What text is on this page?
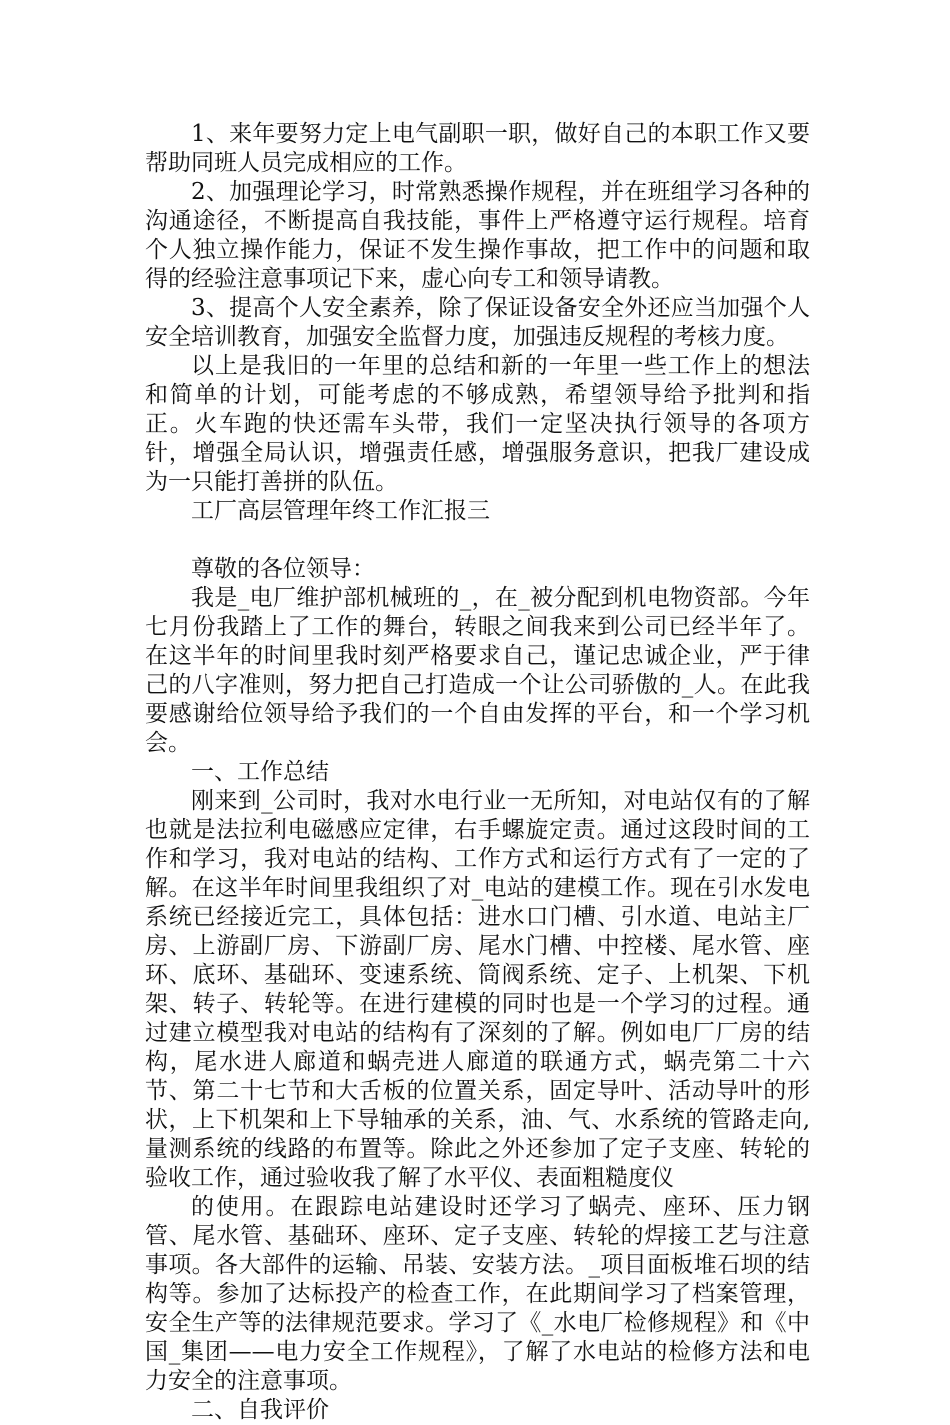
1、来年要努力定上电气副职一职，做好自己的本职工作又要帮助同班人员完成相应的工作。

2、加强理论学习，时常熟悉操作规程，并在班组学习各种的沟通途径，不断提高自我技能，事件上严格遵守运行规程。培育个人独立操作能力，保证不发生操作事故，把工作中的问题和取得的经验注意事项记下来，虚心向专工和领导请教。

3、提高个人安全素养，除了保证设备安全外还应当加强个人安全培训教育，加强安全监督力度，加强违反规程的考核力度。

以上是我旧的一年里的总结和新的一年里一些工作上的想法和简单的计划，可能考虑的不够成熟，希望领导给予批判和指正。火车跑的快还需车头带，我们一定坚决执行领导的各项方针，增强全局认识，增强责任感，增强服务意识，把我厂建设成为一只能打善拼的队伍。

工厂高层管理年终工作汇报三

尊敬的各位领导：

我是_电厂维护部机械班的_，在_被分配到机电物资部。今年七月份我踏上了工作的舞台，转眼之间我来到公司已经半年了。在这半年的时间里我时刻严格要求自己，谨记忠诚企业，严于律己的八字准则，努力把自己打造成一个让公司骄傲的_人。在此我要感谢给位领导给予我们的一个自由发挥的平台，和一个学习机会。

一、工作总结

刚来到_公司时，我对水电行业一无所知，对电站仅有的了解也就是法拉利电磁感应定律，右手螺旋定责。通过这段时间的工作和学习，我对电站的结构、工作方式和运行方式有了一定的了解。在这半年时间里我组织了对_电站的建模工作。现在引水发电系统已经接近完工，具体包括：进水口门槽、引水道、电站主厂房、上游副厂房、下游副厂房、尾水门槽、中控楼、尾水管、座环、底环、基础环、变速系统、筒阀系统、定子、上机架、下机架、转子、转轮等。在进行建模的同时也是一个学习的过程。通过建立模型我对电站的结构有了深刻的了解。例如电厂厂房的结构，尾水进人廊道和蜗壳进人廊道的联通方式，蜗壳第二十六节、第二十七节和大舌板的位置关系，固定导叶、活动导叶的形状，上下机架和上下导轴承的关系，油、气、水系统的管路走向,量测系统的线路的布置等。除此之外还参加了定子支座、转轮的验收工作，通过验收我了解了水平仪、表面粗糙度仪

的使用。在跟踪电站建设时还学习了蜗壳、座环、压力钢管、尾水管、基础环、座环、定子支座、转轮的焊接工艺与注意事项。各大部件的运输、吊装、安装方法。_项目面板堆石坝的结构等。参加了达标投产的检查工作，在此期间学习了档案管理，安全生产等的法律规范要求。学习了《_水电厂检修规程》和《中国_集团——电力安全工作规程》，了解了水电站的检修方法和电力安全的注意事项。

二、自我评价
